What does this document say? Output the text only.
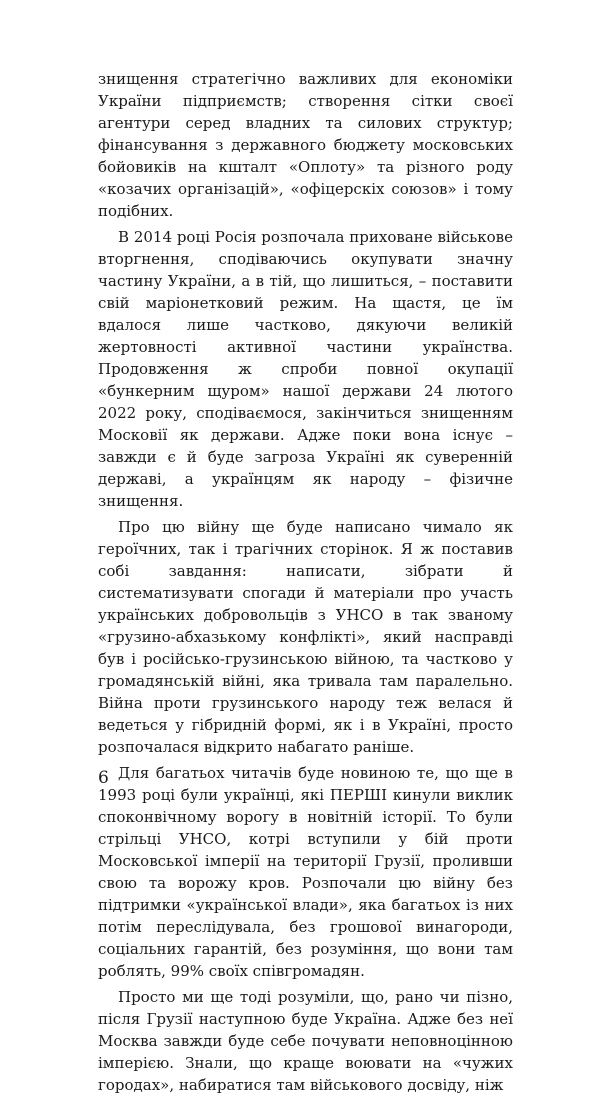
знищення стратегічно важливих для економіки України підприємств; створення сітки своєї агентури серед владних та силових структур; фінансування з державного бюджету московських бойовиків на кшталт «Оплоту» та різного роду «козачих організацій», «офіцерскіх союзов» і тому подібних.

В 2014 році Росія розпочала приховане військове вторгнення, сподіваючись окупувати значну частину України, а в тій, що лишиться, – поставити свій маріонетковий режим. На щастя, це їм вдалося лише частково, дякуючи великій жертовності активної частини українства. Продовження ж спроби повної окупації «бункерним щуром» нашої держави 24 лютого 2022 року, сподіваємося, закінчиться знищенням Московії як держави. Адже поки вона існує – завжди є й буде загроза Україні як суверенній державі, а українцям як народу – фізичне знищення.

Про цю війну ще буде написано чимало як героїчних, так і трагічних сторінок. Я ж поставив собі завдання: написати, зібрати й систематизувати спогади й матеріали про участь українських добровольців з УНСО в так званому «грузино-абхазькому конфлікті», який насправді був і російсько-грузинською війною, та частково у громадянській війні, яка тривала там паралельно. Війна проти грузинського народу теж велася й ведеться у гібридній формі, як і в Україні, просто розпочалася відкрито набагато раніше.

Для багатьох читачів буде новиною те, що ще в 1993 році були українці, які ПЕРШІ кинули виклик споконвічному ворогу в новітній історії. То були стрільці УНСО, котрі вступили у бій проти Московської імперії на території Грузії, проливши свою та ворожу кров. Розпочали цю війну без підтримки «української влади», яка багатьох із них потім переслідувала, без грошової винагороди, соціальних гарантій, без розуміння, що вони там роблять, 99% своїх співгромадян.

Просто ми ще тоді розуміли, що, рано чи пізно, після Грузії наступною буде Україна. Адже без неї Москва завжди буде себе почувати неповноцінною імперією. Знали, що краще воювати на «чужих городах», набиратися там військового досвіду, ніж

6
